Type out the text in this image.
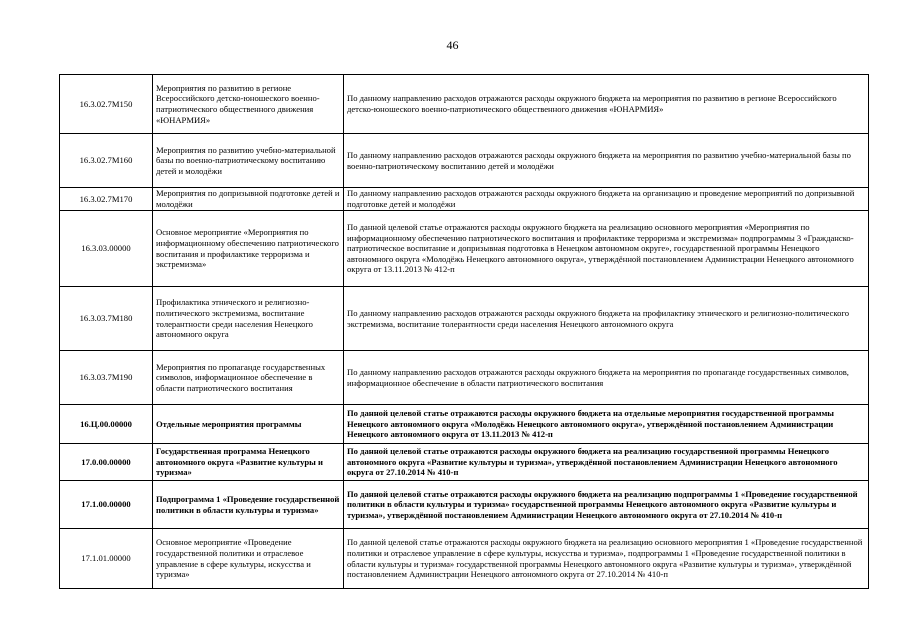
46
16.3.02.7М150	Мероприятия по развитию в регионе Всероссийского детско-юношеского военно-патриотического общественного движения «ЮНАРМИЯ»	По данному направлению расходов отражаются расходы окружного бюджета на мероприятия по развитию в регионе Всероссийского детско-юношеского военно-патриотического общественного движения «ЮНАРМИЯ»
16.3.02.7М160	Мероприятия по развитию учебно-материальной базы по военно-патриотическому воспитанию детей и молодёжи	По данному направлению расходов отражаются расходы окружного бюджета на мероприятия по развитию учебно-материальной базы по военно-патриотическому воспитанию детей и молодёжи
16.3.02.7М170	Мероприятия по допризывной подготовке детей и молодёжи	По данному направлению расходов отражаются расходы окружного бюджета на организацию и проведение мероприятий по допризывной подготовке детей и молодёжи
16.3.03.00000	Основное мероприятие «Мероприятия по информационному обеспечению патриотического воспитания и профилактике терроризма и экстремизма»	По данной целевой статье отражаются расходы окружного бюджета на реализацию основного мероприятия «Мероприятия по информационному обеспечению патриотического воспитания и профилактике терроризма и экстремизма» подпрограммы 3 «Гражданско-патриотическое воспитание и допризывная подготовка в Ненецком автономном округе», государственной программы Ненецкого автономного округа «Молодёжь Ненецкого автономного округа», утверждённой постановлением Администрации Ненецкого автономного округа от 13.11.2013 № 412-п
16.3.03.7М180	Профилактика этнического и религиозно-политического экстремизма, воспитание толерантности среди населения Ненецкого автономного округа	По данному направлению расходов отражаются расходы окружного бюджета на профилактику этнического и религиозно-политического экстремизма, воспитание толерантности среди населения Ненецкого автономного округа
16.3.03.7М190	Мероприятия по пропаганде государственных символов, информационное обеспечение в области патриотического воспитания	По данному направлению расходов отражаются расходы окружного бюджета на мероприятия по пропаганде государственных символов, информационное обеспечение в области патриотического воспитания
16.Ц.00.00000	Отдельные мероприятия программы	По данной целевой статье отражаются расходы окружного бюджета на отдельные мероприятия государственной программы Ненецкого автономного округа «Молодёжь Ненецкого автономного округа», утверждённой постановлением Администрации Ненецкого автономного округа от 13.11.2013 № 412-п
17.0.00.00000	Государственная программа Ненецкого автономного округа «Развитие культуры и туризма»	По данной целевой статье отражаются расходы окружного бюджета на реализацию государственной программы Ненецкого автономного округа «Развитие культуры и туризма», утверждённой постановлением Администрации Ненецкого автономного округа от 27.10.2014 № 410-п
17.1.00.00000	Подпрограмма 1 «Проведение государственной политики в области культуры и туризма»	По данной целевой статье отражаются расходы окружного бюджета на реализацию подпрограммы 1 «Проведение государственной политики в области культуры и туризма» государственной программы Ненецкого автономного округа «Развитие культуры и туризма», утверждённой постановлением Администрации Ненецкого автономного округа от 27.10.2014 № 410-п
17.1.01.00000	Основное мероприятие «Проведение государственной политики и отраслевое управление в сфере культуры, искусства и туризма»	По данной целевой статье отражаются расходы окружного бюджета на реализацию основного мероприятия 1 «Проведение государственной политики и отраслевое управление в сфере культуры, искусства и туризма», подпрограммы 1 «Проведение государственной политики в области культуры и туризма» государственной программы Ненецкого автономного округа «Развитие культуры и туризма», утверждённой постановлением Администрации Ненецкого автономного округа от 27.10.2014 № 410-п
